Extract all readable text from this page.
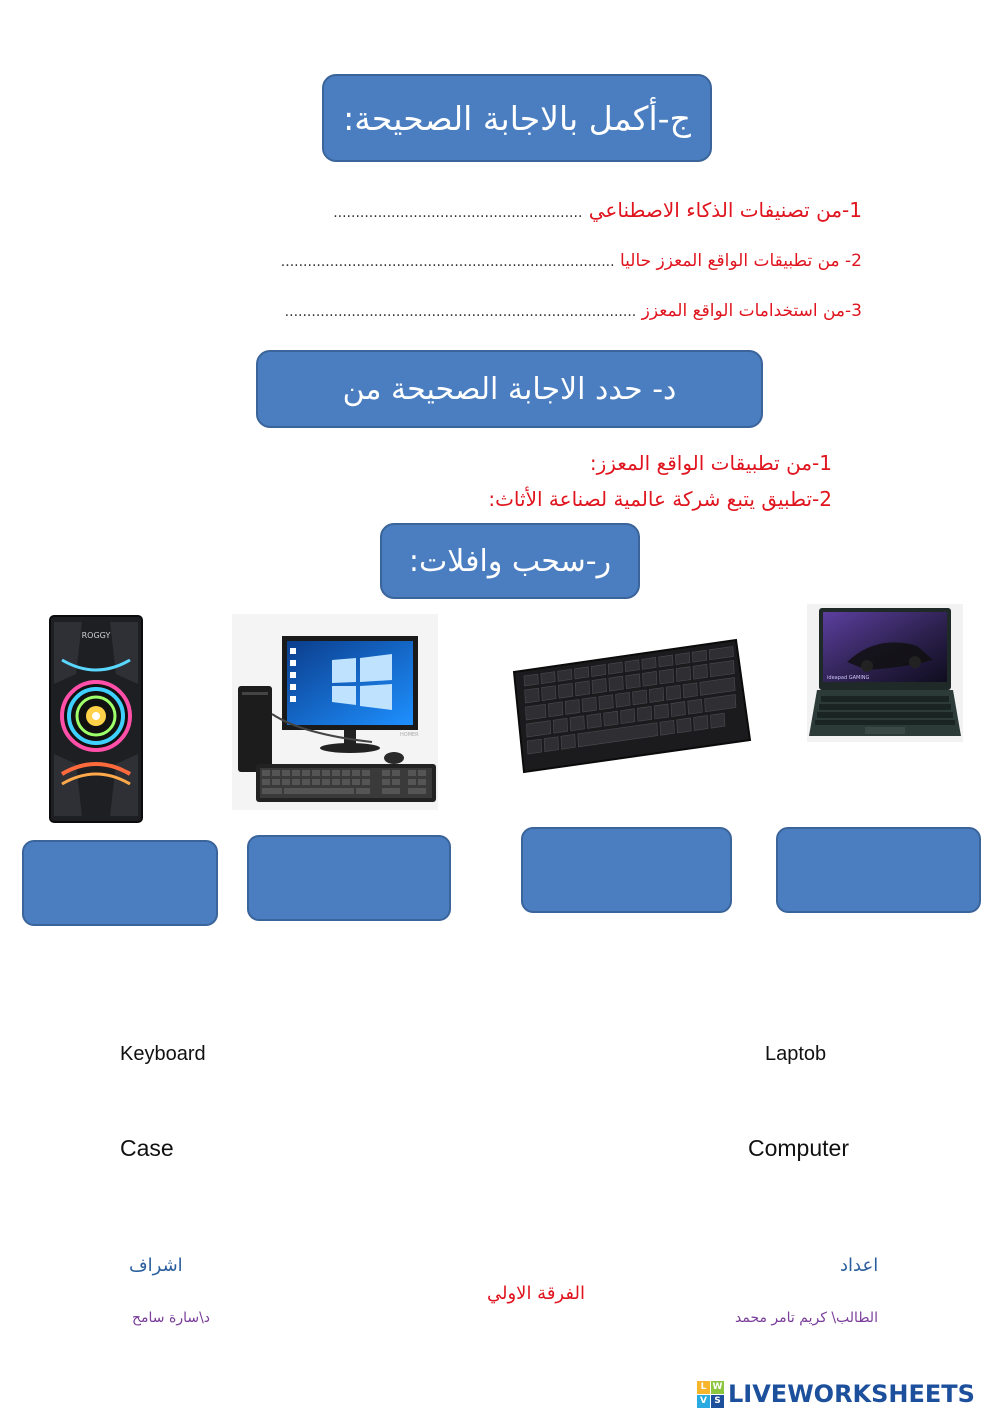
ج-أكمل بالاجابة الصحيحة:
1-من تصنيفات الذكاء الاصطناعي ........................................................
2- من تطبيقات الواقع المعزز حاليا ...........................................................................
3-من استخدامات الواقع المعزز ...............................................................................
د- حدد الاجابة الصحيحة من
1-من تطبيقات الواقع المعزز:
2-تطبيق يتبع شركة عالمية لصناعة الأثاث:
ر-سحب وافلات:
ROGGY
HOMER
ideapad GAMING
Keyboard	Laptob
Case	Computer
اشراف
د\سارة سامح
الفرقة الاولي
اعداد
الطالب\ كريم تامر محمد
L W
V S LIVEWORKSHEETS
